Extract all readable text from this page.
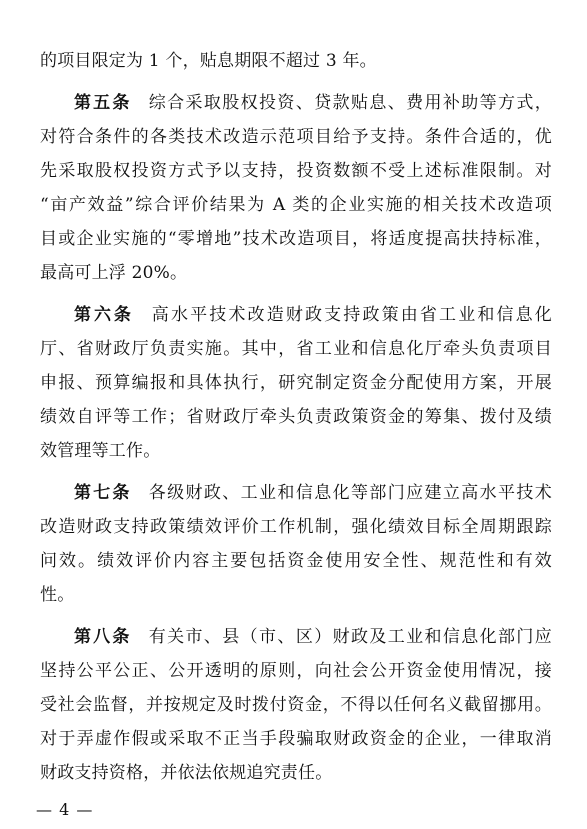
的项目限定为 1 个，贴息期限不超过 3 年。
第五条 综合采取股权投资、贷款贴息、费用补助等方式，
对符合条件的各类技术改造示范项目给予支持。条件合适的，优
先采取股权投资方式予以支持，投资数额不受上述标准限制。对
“亩产效益”综合评价结果为 A 类的企业实施的相关技术改造项
目或企业实施的“零增地”技术改造项目，将适度提高扶持标准，
最高可上浮 20%。
第六条 高水平技术改造财政支持政策由省工业和信息化
厅、省财政厅负责实施。其中，省工业和信息化厅牵头负责项目
申报、预算编报和具体执行，研究制定资金分配使用方案，开展
绩效自评等工作；省财政厅牵头负责政策资金的筹集、拨付及绩
效管理等工作。
第七条 各级财政、工业和信息化等部门应建立高水平技术
改造财政支持政策绩效评价工作机制，强化绩效目标全周期跟踪
问效。绩效评价内容主要包括资金使用安全性、规范性和有效
性。
第八条 有关市、县（市、区）财政及工业和信息化部门应
坚持公平公正、公开透明的原则，向社会公开资金使用情况，接
受社会监督，并按规定及时拨付资金，不得以任何名义截留挪用。
对于弄虚作假或采取不正当手段骗取财政资金的企业，一律取消
财政支持资格，并依法依规追究责任。
— 4 —
